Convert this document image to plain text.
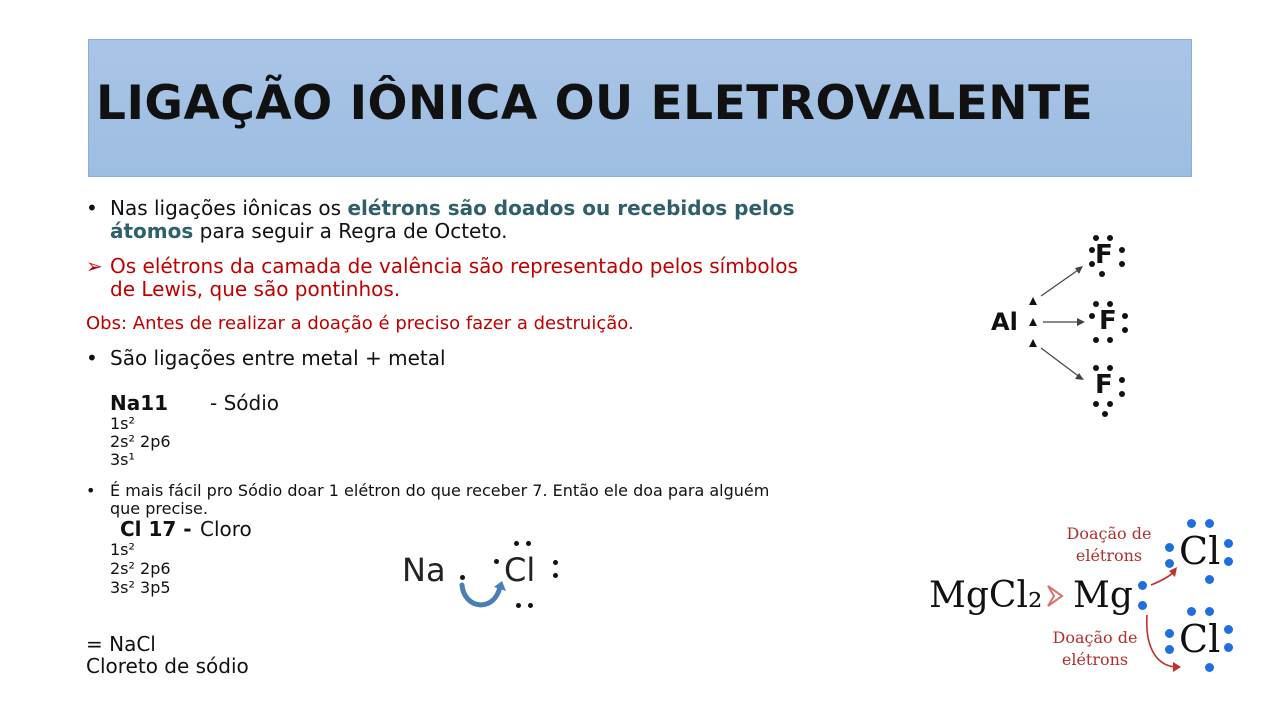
LIGAÇÃO IÔNICA OU ELETROVALENTE
• Nas ligações iônicas os elétrons são doados ou recebidos pelos
átomos para seguir a Regra de Octeto.
➢ Os elétrons da camada de valência são representado pelos símbolos
de Lewis, que são pontinhos.
Obs: Antes de realizar a doação é preciso fazer a destruição.
• São ligações entre metal + metal
Na11 - Sódio
1s²
2s² 2p6
3s¹
• É mais fácil pro Sódio doar 1 elétron do que receber 7. Então ele doa para alguém
que precise.
Cl 17 - Cloro
1s²
2s² 2p6
3s² 3p5
= NaCl
Cloreto de sódio
Na Cl
Al
F
F
F
MgCl₂ Mg
Doação de
elétrons
Doação de
elétrons
Cl
Cl
